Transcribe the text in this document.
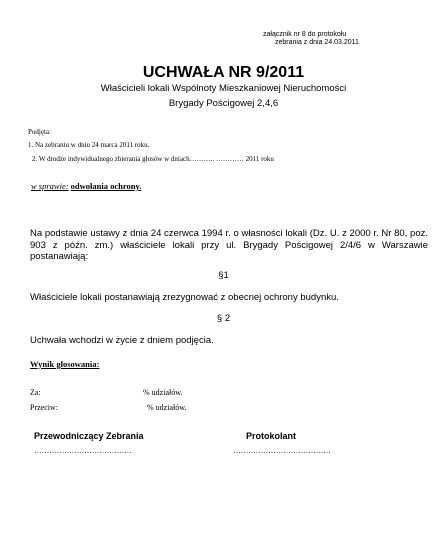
załącznik nr 8 do protokołu
zebrania z dnia 24.03.2011
UCHWAŁA NR 9/2011
Właścicieli lokali Wspólnoty Mieszkaniowej Nieruchomości
Brygady Pościgowej 2,4,6
Podjęta:
1. Na zebraniu w dniu 24 marca 2011 roku.
2. W drodze indywidualnego zbierania głosów w dniach……….. ………… 2011 roku
w sprawie: odwołania ochrony.
Na podstawie ustawy z dnia 24 czerwca 1994 r. o własności lokali (Dz. U. z 2000 r. Nr 80, poz. 903 z późn. zm.) właściciele lokali przy ul. Brygady Pościgowej 2/4/6 w Warszawie postanawiają:
§1
Właściciele lokali postanawiają zrezygnować z obecnej ochrony budynku.
§ 2
Uchwała wchodzi w życie z dniem podjęcia.
Wynik głosowania:
Za:	% udziałów.
Przeciw:	% udziałów.
Przewodniczący Zebrania
…………………………………
Protokolant
…………………………………
